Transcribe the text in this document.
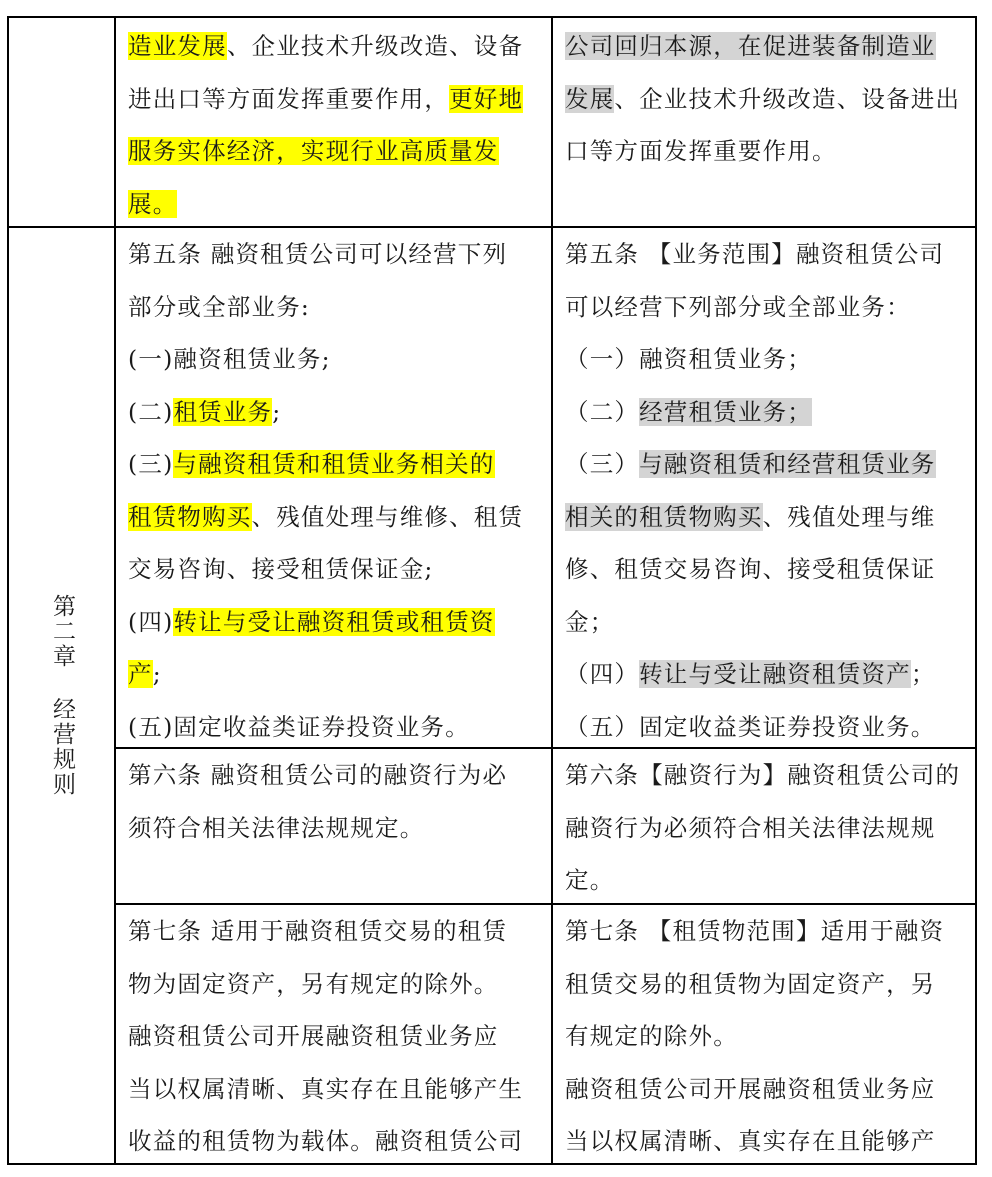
第二章 经营规则
造业发展、企业技术升级改造、设备
进出口等方面发挥重要作用，更好地
服务实体经济，实现行业高质量发
展。
公司回归本源，在促进装备制造业
发展、企业技术升级改造、设备进出
口等方面发挥重要作用。
第五条 融资租赁公司可以经营下列
部分或全部业务:
(一)融资租赁业务;
(二)租赁业务;
(三)与融资租赁和租赁业务相关的
租赁物购买、残值处理与维修、租赁
交易咨询、接受租赁保证金;
(四)转让与受让融资租赁或租赁资
产;
(五)固定收益类证券投资业务。
第五条 【业务范围】融资租赁公司
可以经营下列部分或全部业务：
（一）融资租赁业务；
（二）经营租赁业务；
（三）与融资租赁和经营租赁业务
相关的租赁物购买、残值处理与维
修、租赁交易咨询、接受租赁保证
金；
（四）转让与受让融资租赁资产；
（五）固定收益类证券投资业务。
第六条 融资租赁公司的融资行为必
须符合相关法律法规规定。
第六条【融资行为】融资租赁公司的
融资行为必须符合相关法律法规规
定。
第七条 适用于融资租赁交易的租赁
物为固定资产，另有规定的除外。
融资租赁公司开展融资租赁业务应
当以权属清晰、真实存在且能够产生
收益的租赁物为载体。融资租赁公司
第七条 【租赁物范围】适用于融资
租赁交易的租赁物为固定资产，另
有规定的除外。
融资租赁公司开展融资租赁业务应
当以权属清晰、真实存在且能够产
